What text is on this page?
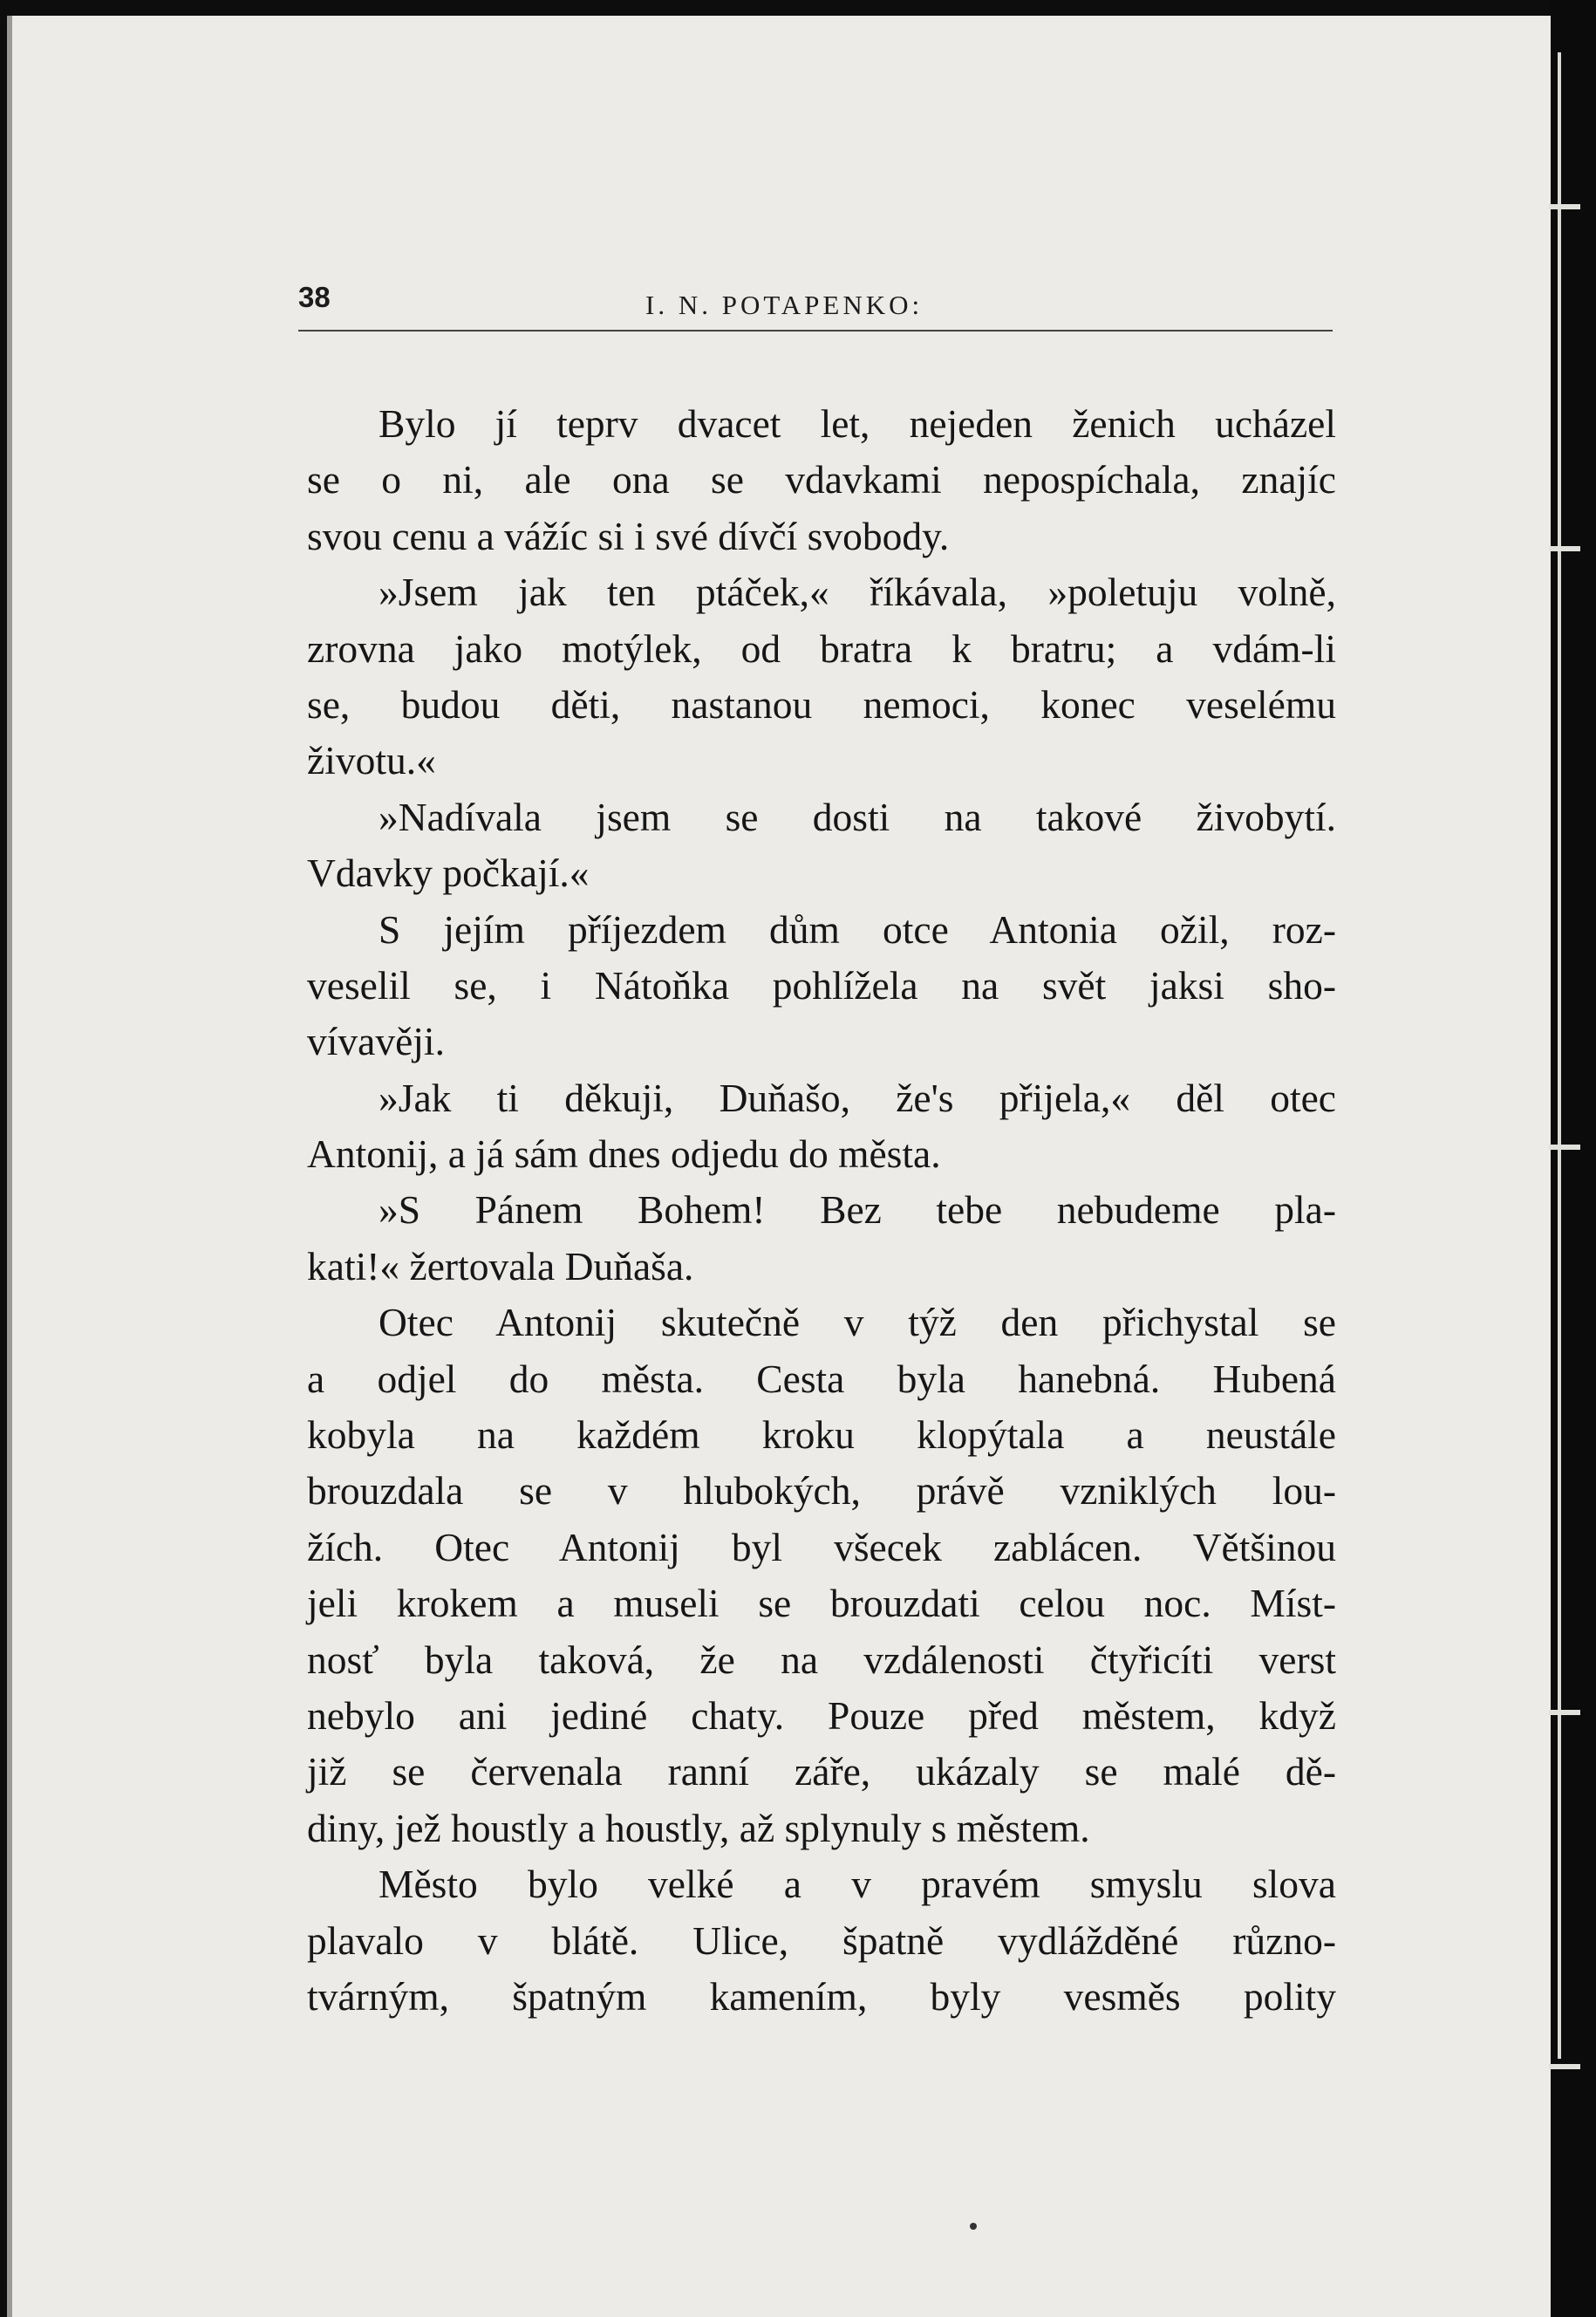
38	I. N. POTAPENKO:
Bylo jí teprv dvacet let, nejeden ženich ucházel
se o ni, ale ona se vdavkami nepospíchala, znajíc
svou cenu a vážíc si i své dívčí svobody.
»Jsem jak ten ptáček,« říkávala, »poletuju volně,
zrovna jako motýlek, od bratra k bratru; a vdám-li
se, budou děti, nastanou nemoci, konec veselému
životu.«
»Nadívala jsem se dosti na takové živobytí.
Vdavky počkají.«
S jejím příjezdem dům otce Antonia ožil, roz-
veselil se, i Nátoňka pohlížela na svět jaksi sho-
vívavěji.
»Jak ti děkuji, Duňašo, že's přijela,« děl otec
Antonij, a já sám dnes odjedu do města.
»S Pánem Bohem! Bez tebe nebudeme pla-
kati!« žertovala Duňaša.
Otec Antonij skutečně v týž den přichystal se
a odjel do města. Cesta byla hanebná. Hubená
kobyla na každém kroku klopýtala a neustále
brouzdala se v hlubokých, právě vzniklých lou-
žích. Otec Antonij byl všecek zablácen. Většinou
jeli krokem a museli se brouzdati celou noc. Míst-
nosť byla taková, že na vzdálenosti čtyřicíti verst
nebylo ani jediné chaty. Pouze před městem, když
již se červenala ranní záře, ukázaly se malé dě-
diny, jež houstly a houstly, až splynuly s městem.
Město bylo velké a v pravém smyslu slova
plavalo v blátě. Ulice, špatně vydlážděné různo-
tvárným, špatným kamením, byly vesměs polity
